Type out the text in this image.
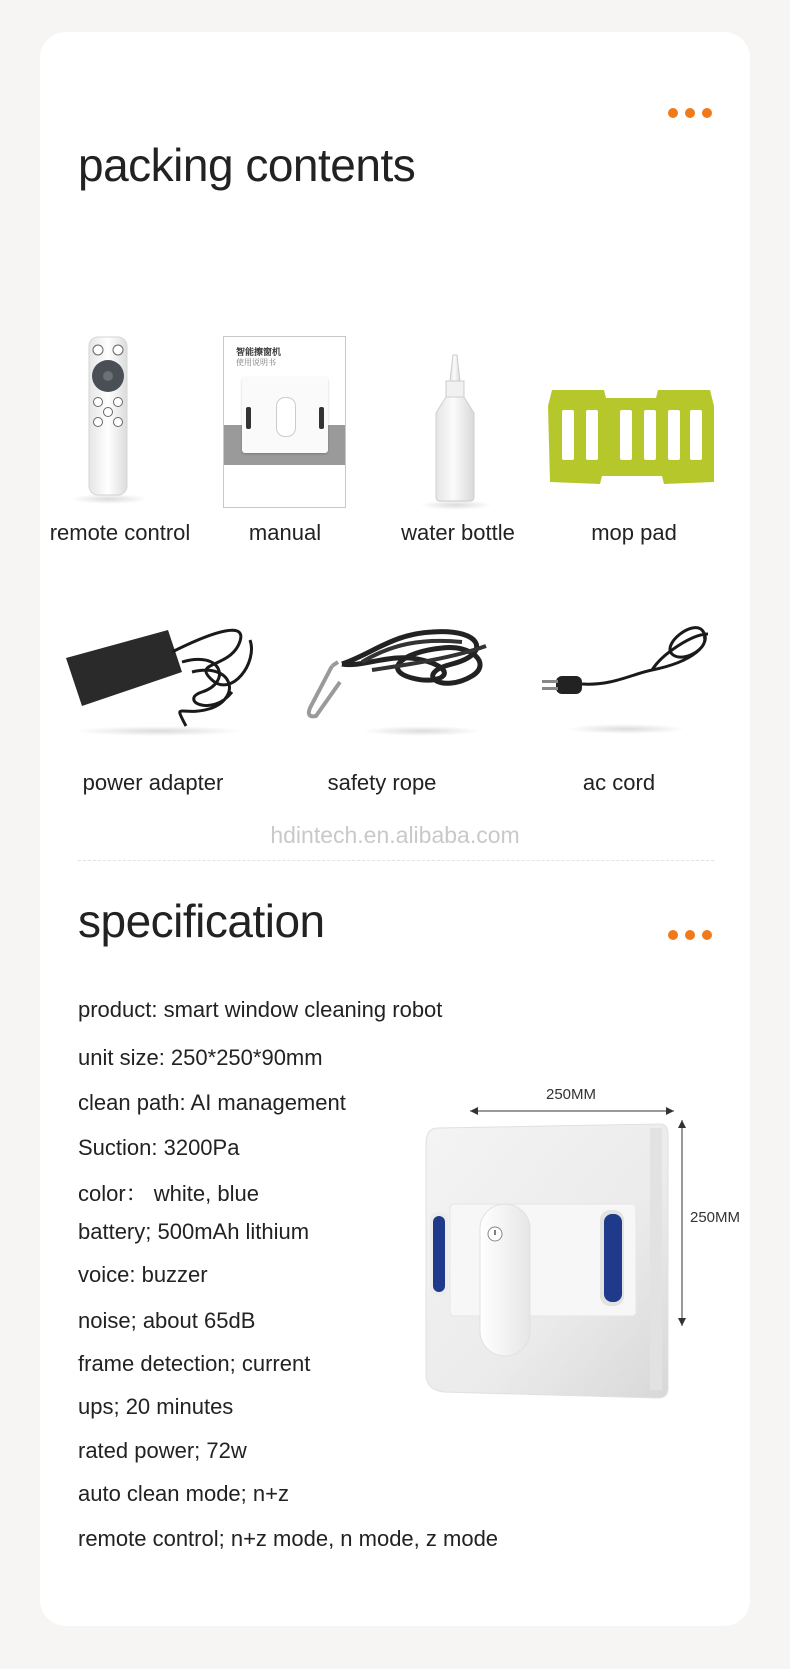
packing contents
remote control
智能擦窗机
使用说明书
manual	water bottle	mop pad
power adapter	safety rope	ac cord
hdintech.en.alibaba.com
specification
product: smart window cleaning robot
unit size: 250*250*90mm
clean path: AI management
Suction: 3200Pa
color： white, blue
battery; 500mAh lithium
voice: buzzer
noise; about 65dB
frame detection; current
ups; 20 minutes
rated power; 72w
auto clean mode; n+z
remote control; n+z mode, n mode, z mode
250MM
250MM
